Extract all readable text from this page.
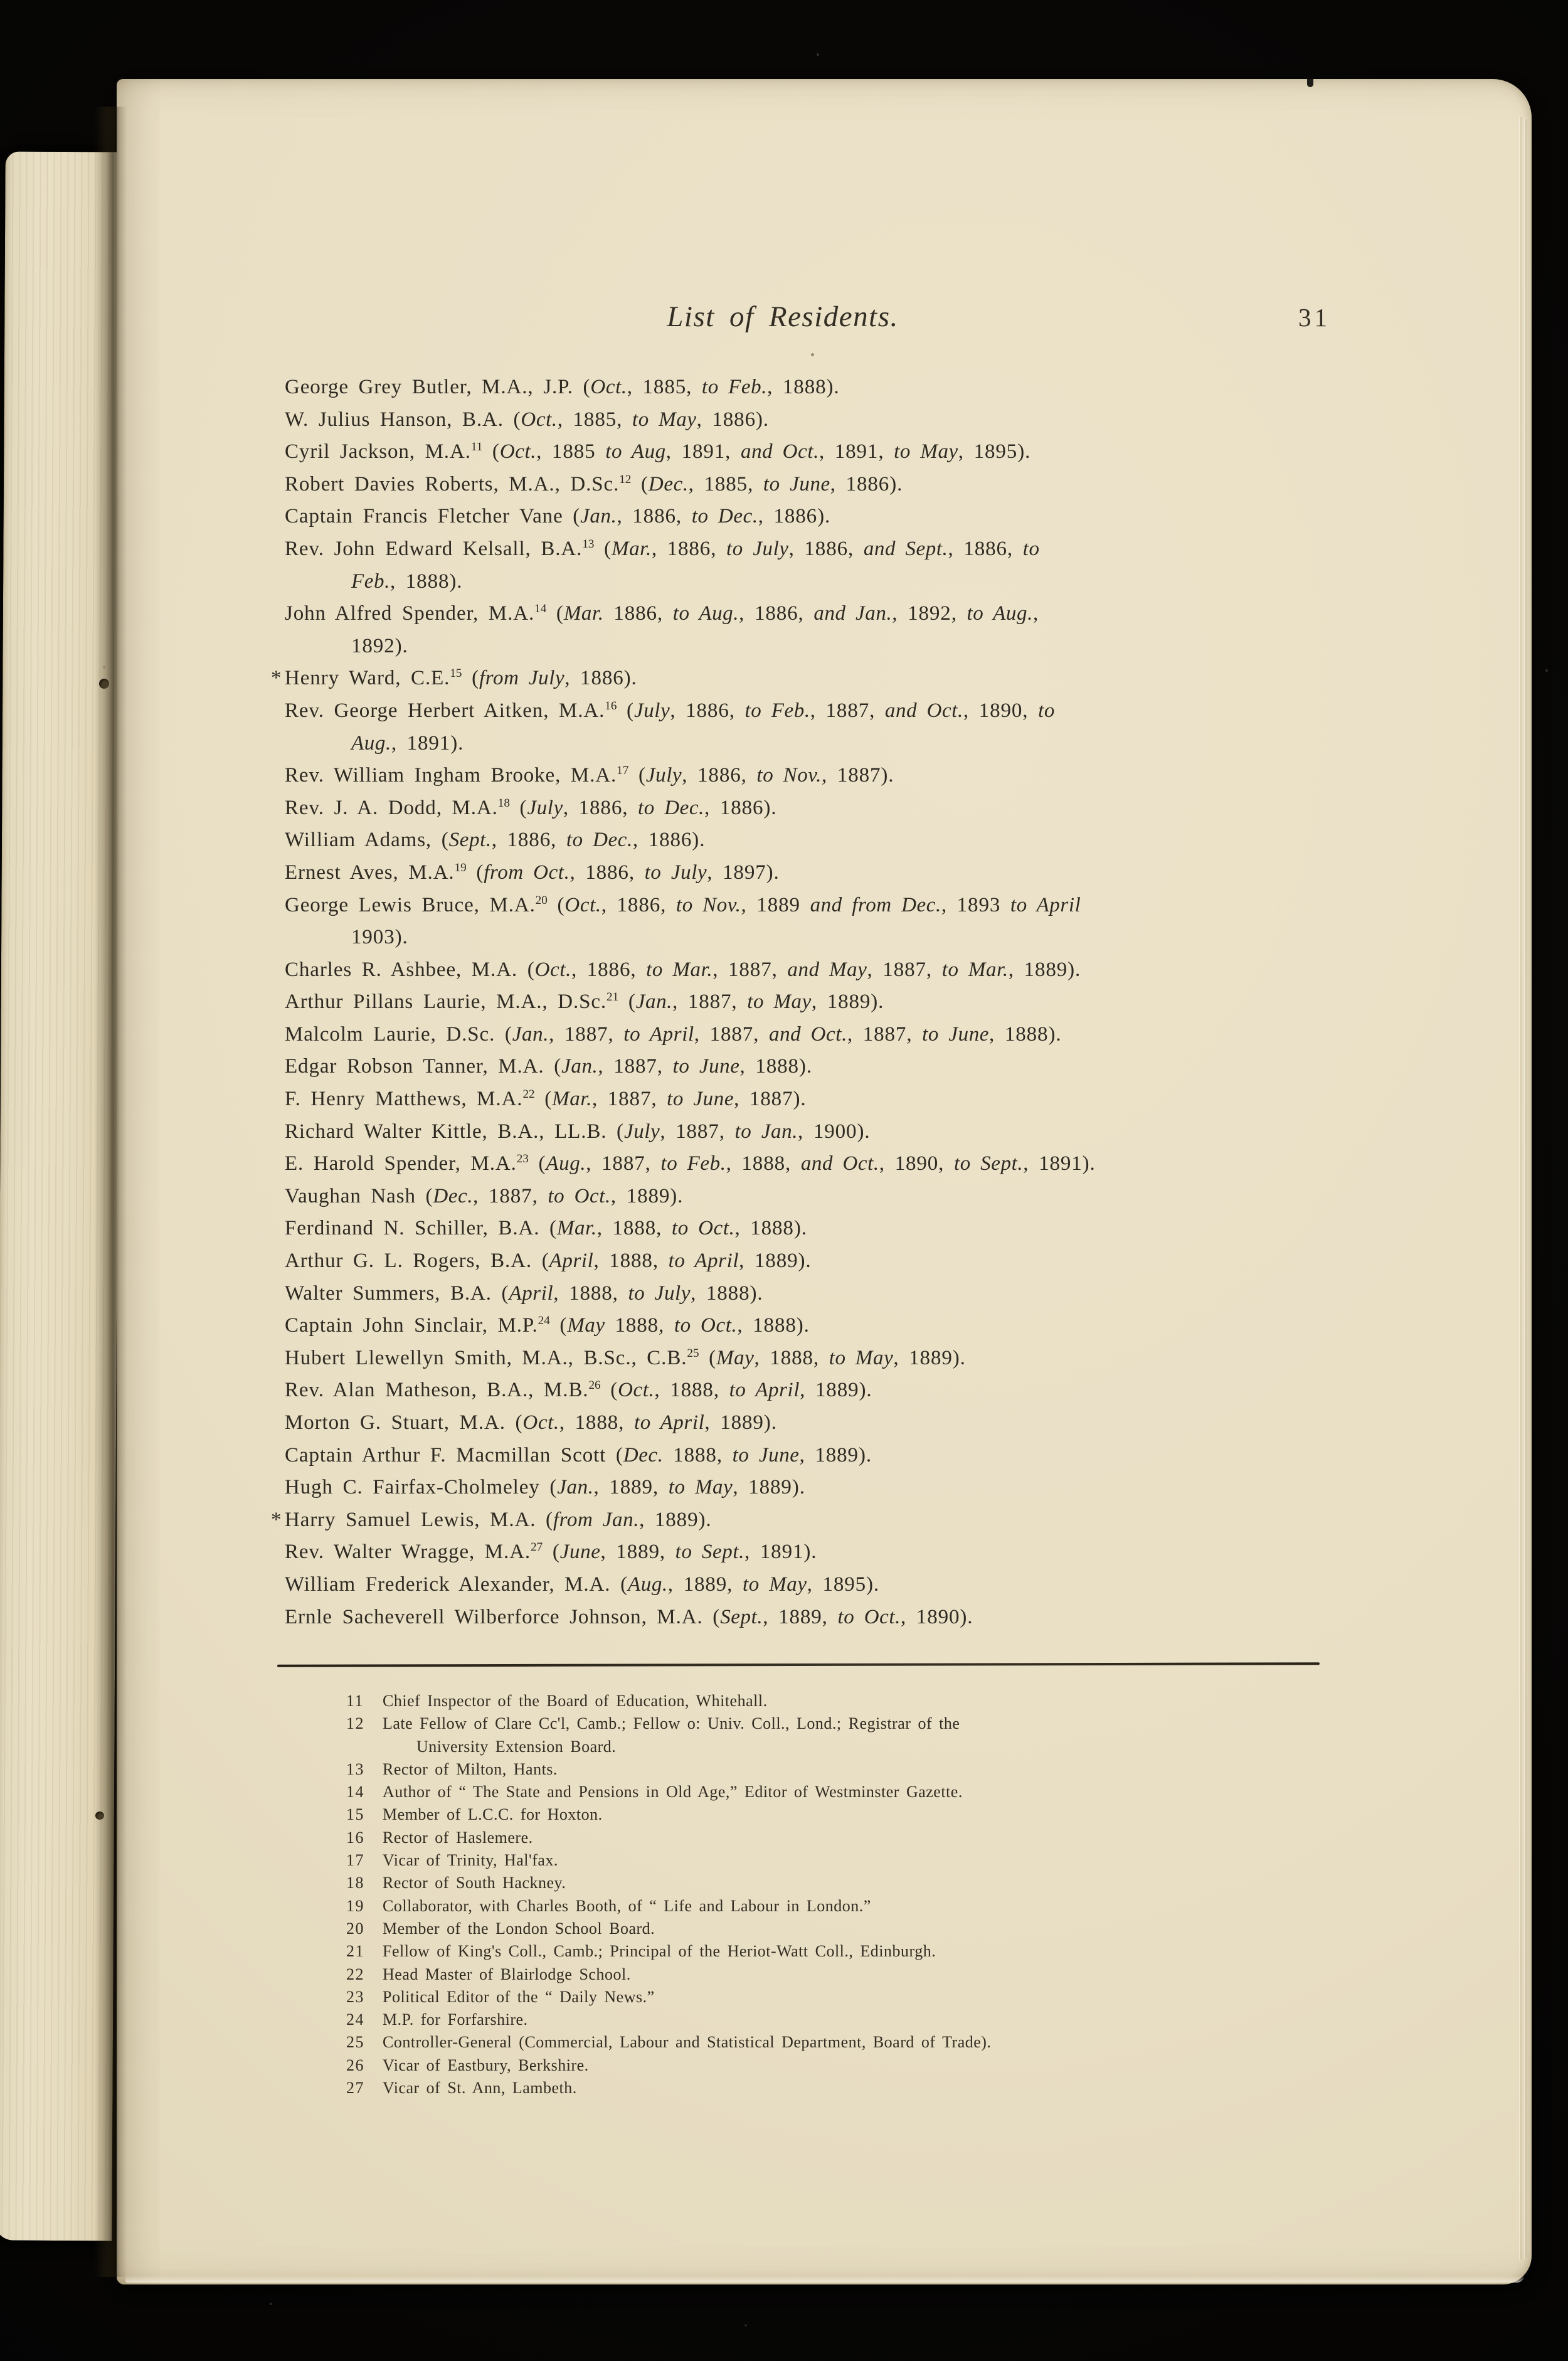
List of Residents.	31
George Grey Butler, M.A., J.P. (Oct., 1885, to Feb., 1888).
W. Julius Hanson, B.A. (Oct., 1885, to May, 1886).
Cyril Jackson, M.A.$^{11}$ (Oct., 1885 to Aug, 1891, and Oct., 1891, to May, 1895).
Robert Davies Roberts, M.A., D.Sc.$^{12}$ (Dec., 1885, to June, 1886).
Captain Francis Fletcher Vane (Jan., 1886, to Dec., 1886).
Rev. John Edward Kelsall, B.A.$^{13}$ (Mar., 1886, to July, 1886, and Sept., 1886, to
Feb., 1888).
John Alfred Spender, M.A.$^{14}$ (Mar. 1886, to Aug., 1886, and Jan., 1892, to Aug.,
1892).
* Henry Ward, C.E.$^{15}$ (from July, 1886).
Rev. George Herbert Aitken, M.A.$^{16}$ (July, 1886, to Feb., 1887, and Oct., 1890, to
Aug., 1891).
Rev. William Ingham Brooke, M.A.$^{17}$ (July, 1886, to Nov., 1887).
Rev. J. A. Dodd, M.A.$^{18}$ (July, 1886, to Dec., 1886).
William Adams, (Sept., 1886, to Dec., 1886).
Ernest Aves, M.A.$^{19}$ (from Oct., 1886, to July, 1897).
George Lewis Bruce, M.A.$^{20}$ (Oct., 1886, to Nov., 1889 and from Dec., 1893 to April
1903).
Charles R. Ashbee, M.A. (Oct., 1886, to Mar., 1887, and May, 1887, to Mar., 1889).
Arthur Pillans Laurie, M.A., D.Sc.$^{21}$ (Jan., 1887, to May, 1889).
Malcolm Laurie, D.Sc. (Jan., 1887, to April, 1887, and Oct., 1887, to June, 1888).
Edgar Robson Tanner, M.A. (Jan., 1887, to June, 1888).
F. Henry Matthews, M.A.$^{22}$ (Mar., 1887, to June, 1887).
Richard Walter Kittle, B.A., LL.B. (July, 1887, to Jan., 1900).
E. Harold Spender, M.A.$^{23}$ (Aug., 1887, to Feb., 1888, and Oct., 1890, to Sept., 1891).
Vaughan Nash (Dec., 1887, to Oct., 1889).
Ferdinand N. Schiller, B.A. (Mar., 1888, to Oct., 1888).
Arthur G. L. Rogers, B.A. (April, 1888, to April, 1889).
Walter Summers, B.A. (April, 1888, to July, 1888).
Captain John Sinclair, M.P.$^{24}$ (May 1888, to Oct., 1888).
Hubert Llewellyn Smith, M.A., B.Sc., C.B.$^{25}$ (May, 1888, to May, 1889).
Rev. Alan Matheson, B.A., M.B.$^{26}$ (Oct., 1888, to April, 1889).
Morton G. Stuart, M.A. (Oct., 1888, to April, 1889).
Captain Arthur F. Macmillan Scott (Dec. 1888, to June, 1889).
Hugh C. Fairfax-Cholmeley (Jan., 1889, to May, 1889).
* Harry Samuel Lewis, M.A. (from Jan., 1889).
Rev. Walter Wragge, M.A.$^{27}$ (June, 1889, to Sept., 1891).
William Frederick Alexander, M.A. (Aug., 1889, to May, 1895).
Ernle Sacheverell Wilberforce Johnson, M.A. (Sept., 1889, to Oct., 1890).
11 Chief Inspector of the Board of Education, Whitehall.
12 Late Fellow of Clare Cc'l, Camb.; Fellow o: Univ. Coll., Lond.; Registrar of the
University Extension Board.
13 Rector of Milton, Hants.
14 Author of “ The State and Pensions in Old Age,” Editor of Westminster Gazette.
15 Member of L.C.C. for Hoxton.
16 Rector of Haslemere.
17 Vicar of Trinity, Hal'fax.
18 Rector of South Hackney.
19 Collaborator, with Charles Booth, of “ Life and Labour in London.”
20 Member of the London School Board.
21 Fellow of King's Coll., Camb.; Principal of the Heriot-Watt Coll., Edinburgh.
22 Head Master of Blairlodge School.
23 Political Editor of the “ Daily News.”
24 M.P. for Forfarshire.
25 Controller-General (Commercial, Labour and Statistical Department, Board of Trade).
26 Vicar of Eastbury, Berkshire.
27 Vicar of St. Ann, Lambeth.
